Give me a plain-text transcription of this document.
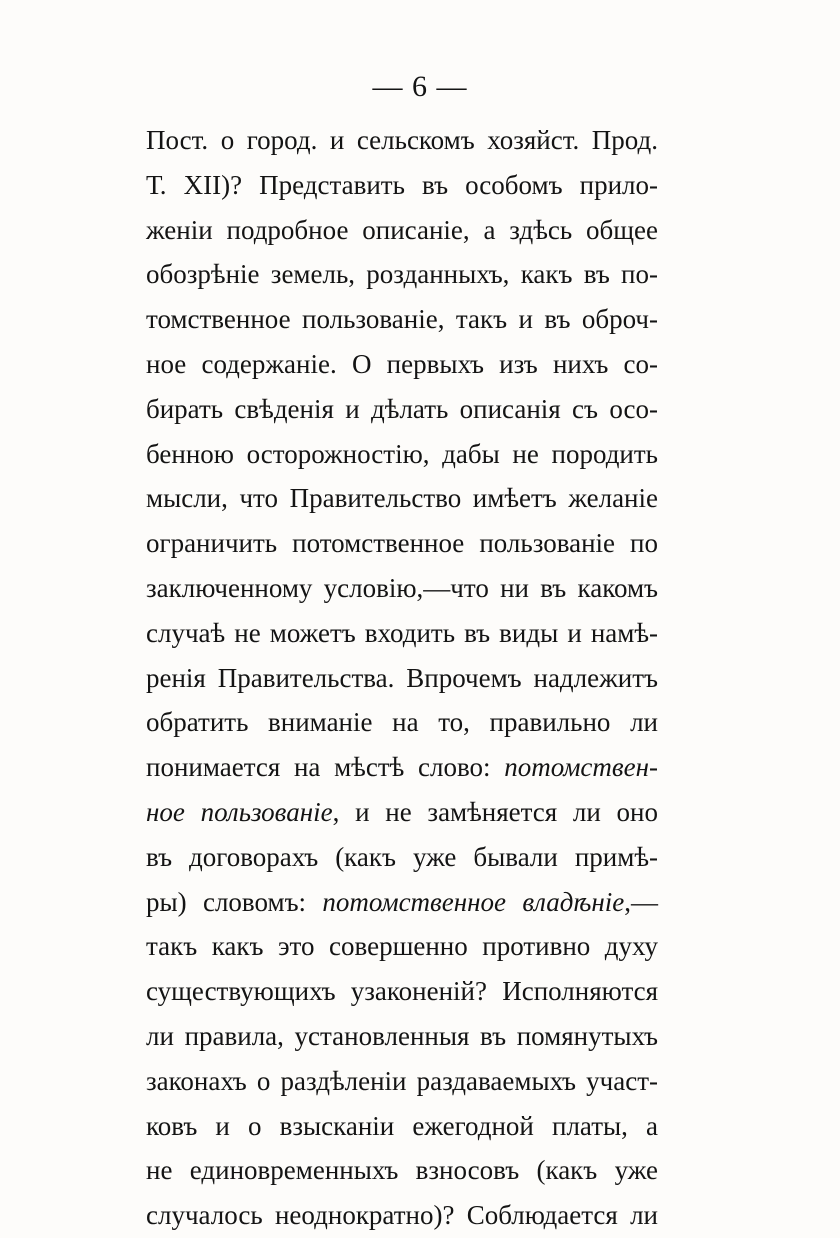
— 6 —
Пост. о город. и сельскомъ хозяйст. Прод.
Т. XII)? Представить въ особомъ прило-
женіи подробное описаніе, а здѣсь общее
обозрѣніе земель, розданныхъ, какъ въ по-
томственное пользованіе, такъ и въ оброч-
ное содержаніе. О первыхъ изъ нихъ со-
бирать свѣденія и дѣлать описанія съ осо-
бенною осторожностію, дабы не породить
мысли, что Правительство имѣетъ желаніе
ограничить потомственное пользованіе по
заключенному условію,—что ни въ какомъ
случаѣ не можетъ входить въ виды и намѣ-
ренія Правительства. Впрочемъ надлежитъ
обратить вниманіе на то, правильно ли
понимается на мѣстѣ слово: потомствен-
ное пользованіе, и не замѣняется ли оно
въ договорахъ (какъ уже бывали примѣ-
ры) словомъ: потомственное владѣніе,—
такъ какъ это совершенно противно духу
существующихъ узаконеній? Исполняются
ли правила, установленныя въ помянутыхъ
законахъ о раздѣленіи раздаваемыхъ участ-
ковъ и о взысканіи ежегодной платы, а
не единовременныхъ взносовъ (какъ уже
случалось неоднократно)? Соблюдается ли
